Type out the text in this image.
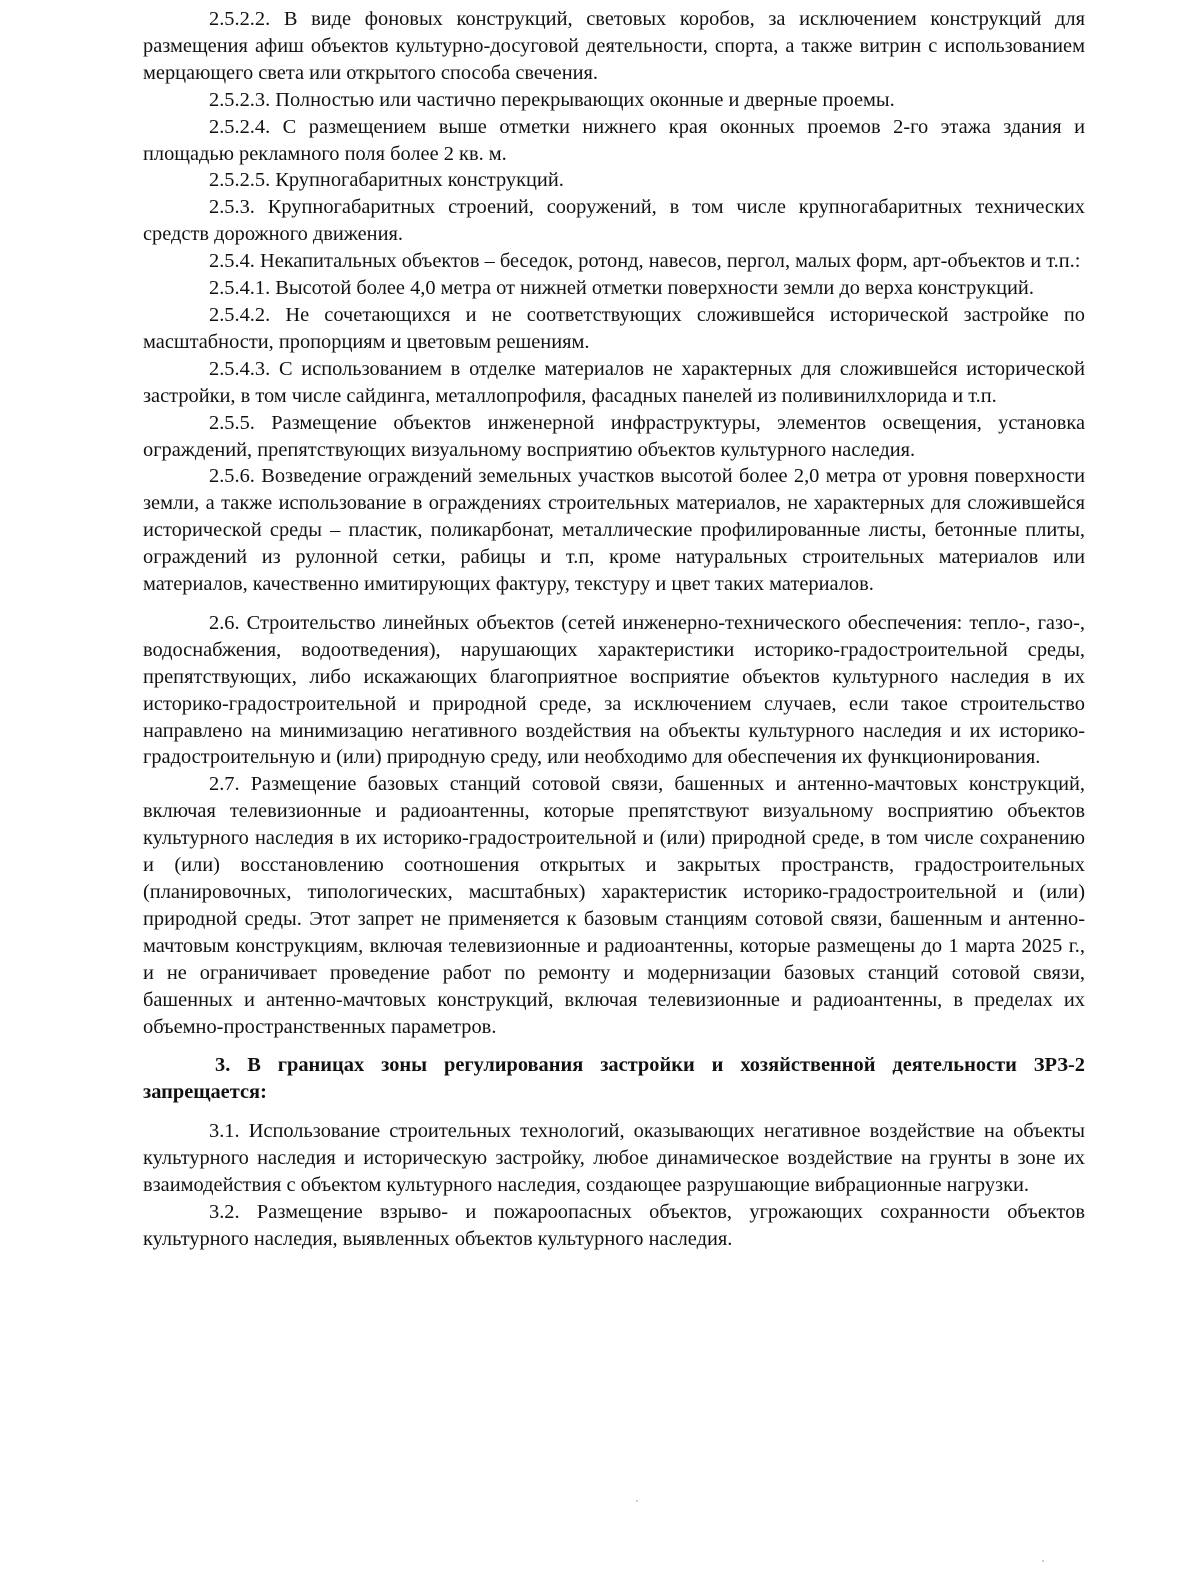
2.5.2.2. В виде фоновых конструкций, световых коробов, за исключением конструкций для размещения афиш объектов культурно-досуговой деятельности, спорта, а также витрин с использованием мерцающего света или открытого способа свечения.

2.5.2.3. Полностью или частично перекрывающих оконные и дверные проемы.

2.5.2.4. С размещением выше отметки нижнего края оконных проемов 2-го этажа здания и площадью рекламного поля более 2 кв. м.

2.5.2.5. Крупногабаритных конструкций.

2.5.3. Крупногабаритных строений, сооружений, в том числе крупногабаритных технических средств дорожного движения.

2.5.4. Некапитальных объектов – беседок, ротонд, навесов, пергол, малых форм, арт-объектов и т.п.:

2.5.4.1. Высотой более 4,0 метра от нижней отметки поверхности земли до верха конструкций.

2.5.4.2. Не сочетающихся и не соответствующих сложившейся исторической застройке по масштабности, пропорциям и цветовым решениям.

2.5.4.3. С использованием в отделке материалов не характерных для сложившейся исторической застройки, в том числе сайдинга, металлопрофиля, фасадных панелей из поливинилхлорида и т.п.

2.5.5. Размещение объектов инженерной инфраструктуры, элементов освещения, установка ограждений, препятствующих визуальному восприятию объектов культурного наследия.

2.5.6. Возведение ограждений земельных участков высотой более 2,0 метра от уровня поверхности земли, а также использование в ограждениях строительных материалов, не характерных для сложившейся исторической среды – пластик, поликарбонат, металлические профилированные листы, бетонные плиты, ограждений из рулонной сетки, рабицы и т.п, кроме натуральных строительных материалов или материалов, качественно имитирующих фактуру, текстуру и цвет таких материалов.

2.6. Строительство линейных объектов (сетей инженерно-технического обеспечения: тепло-, газо-, водоснабжения, водоотведения), нарушающих характеристики историко-градостроительной среды, препятствующих, либо искажающих благоприятное восприятие объектов культурного наследия в их историко-градостроительной и природной среде, за исключением случаев, если такое строительство направлено на минимизацию негативного воздействия на объекты культурного наследия и их историко-градостроительную и (или) природную среду, или необходимо для обеспечения их функционирования.

2.7. Размещение базовых станций сотовой связи, башенных и антенно-мачтовых конструкций, включая телевизионные и радиоантенны, которые препятствуют визуальному восприятию объектов культурного наследия в их историко-градостроительной и (или) природной среде, в том числе сохранению и (или) восстановлению соотношения открытых и закрытых пространств, градостроительных (планировочных, типологических, масштабных) характеристик историко-градостроительной и (или) природной среды. Этот запрет не применяется к базовым станциям сотовой связи, башенным и антенно-мачтовым конструкциям, включая телевизионные и радиоантенны, которые размещены до 1 марта 2025 г., и не ограничивает проведение работ по ремонту и модернизации базовых станций сотовой связи, башенных и антенно-мачтовых конструкций, включая телевизионные и радиоантенны, в пределах их объемно-пространственных параметров.

3. В границах зоны регулирования застройки и хозяйственной деятельности ЗРЗ-2 запрещается:

3.1. Использование строительных технологий, оказывающих негативное воздействие на объекты культурного наследия и историческую застройку, любое динамическое воздействие на грунты в зоне их взаимодействия с объектом культурного наследия, создающее разрушающие вибрационные нагрузки.

3.2. Размещение взрыво- и пожароопасных объектов, угрожающих сохранности объектов культурного наследия, выявленных объектов культурного наследия.
